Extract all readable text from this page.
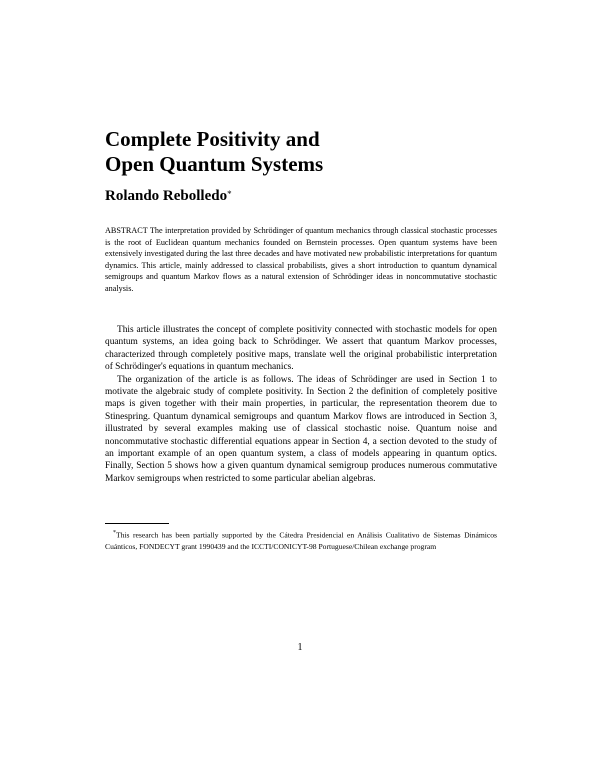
Complete Positivity and
Open Quantum Systems
Rolando Rebolledo*

ABSTRACT The interpretation provided by Schrödinger of quantum mechanics through classical stochastic processes is the root of Euclidean quantum mechanics founded on Bernstein processes. Open quantum systems have been extensively investigated during the last three decades and have motivated new probabilistic interpretations for quantum dynamics. This article, mainly addressed to classical probabilists, gives a short introduction to quantum dynamical semigroups and quantum Markov flows as a natural extension of Schrödinger ideas in noncommutative stochastic analysis.

This article illustrates the concept of complete positivity connected with stochastic models for open quantum systems, an idea going back to Schrödinger. We assert that quantum Markov processes, characterized through completely positive maps, translate well the original probabilistic interpretation of Schrödinger's equations in quantum mechanics.

The organization of the article is as follows. The ideas of Schrödinger are used in Section 1 to motivate the algebraic study of complete positivity. In Section 2 the definition of completely positive maps is given together with their main properties, in particular, the representation theorem due to Stinespring. Quantum dynamical semigroups and quantum Markov flows are introduced in Section 3, illustrated by several examples making use of classical stochastic noise. Quantum noise and noncommutative stochastic differential equations appear in Section 4, a section devoted to the study of an important example of an open quantum system, a class of models appearing in quantum optics. Finally, Section 5 shows how a given quantum dynamical semigroup produces numerous commutative Markov semigroups when restricted to some particular abelian algebras.

*This research has been partially supported by the Cátedra Presidencial en Análisis Cualitativo de Sistemas Dinámicos Cuánticos, FONDECYT grant 1990439 and the ICCTI/CONICYT-98 Portuguese/Chilean exchange program

1
